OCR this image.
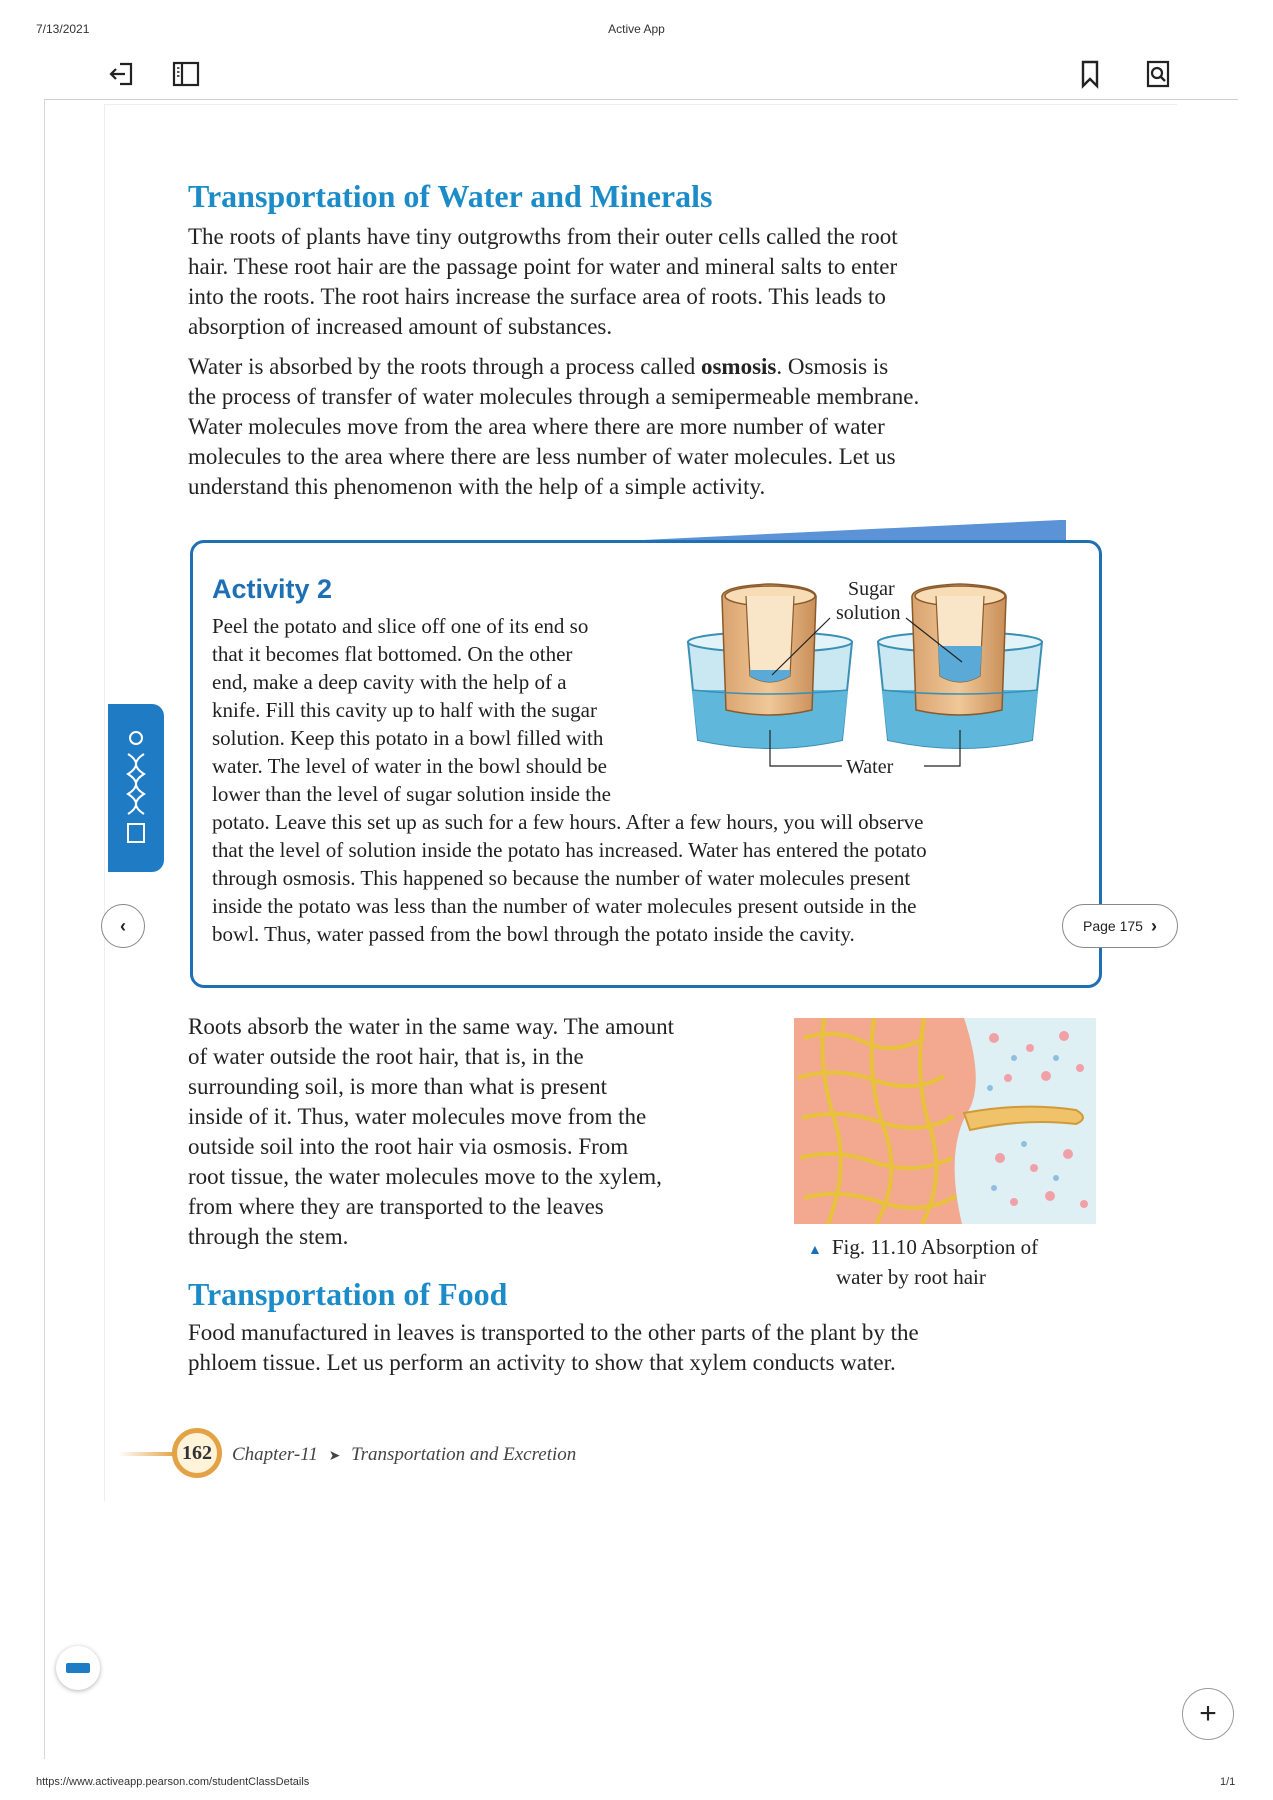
7/13/2021	Active App
Transportation of Water and Minerals
The roots of plants have tiny outgrowths from their outer cells called the root
hair. These root hair are the passage point for water and mineral salts to enter
into the roots. The root hairs increase the surface area of roots. This leads to
absorption of increased amount of substances.
Water is absorbed by the roots through a process called osmosis. Osmosis is
the process of transfer of water molecules through a semipermeable membrane.
Water molecules move from the area where there are more number of water
molecules to the area where there are less number of water molecules. Let us
understand this phenomenon with the help of a simple activity.
Activity 2
Peel the potato and slice off one of its end so
that it becomes flat bottomed. On the other
end, make a deep cavity with the help of a
knife. Fill this cavity up to half with the sugar
solution. Keep this potato in a bowl filled with
water. The level of water in the bowl should be
lower than the level of sugar solution inside the
potato. Leave this set up as such for a few hours. After a few hours, you will observe
that the level of solution inside the potato has increased. Water has entered the potato
through osmosis. This happened so because the number of water molecules present
inside the potato was less than the number of water molecules present outside in the
bowl. Thus, water passed from the bowl through the potato inside the cavity.
Sugar
solution
Water
‹	Page 175 ›
Roots absorb the water in the same way. The amount
of water outside the root hair, that is, in the
surrounding soil, is more than what is present
inside of it. Thus, water molecules move from the
outside soil into the root hair via osmosis. From
root tissue, the water molecules move to the xylem,
from where they are transported to the leaves
through the stem.
▲ Fig. 11.10 Absorption of
water by root hair
Transportation of Food
Food manufactured in leaves is transported to the other parts of the plant by the
phloem tissue. Let us perform an activity to show that xylem conducts water.
162	Chapter-11 ➤ Transportation and Excretion
+
https://www.activeapp.pearson.com/studentClassDetails	1/1
